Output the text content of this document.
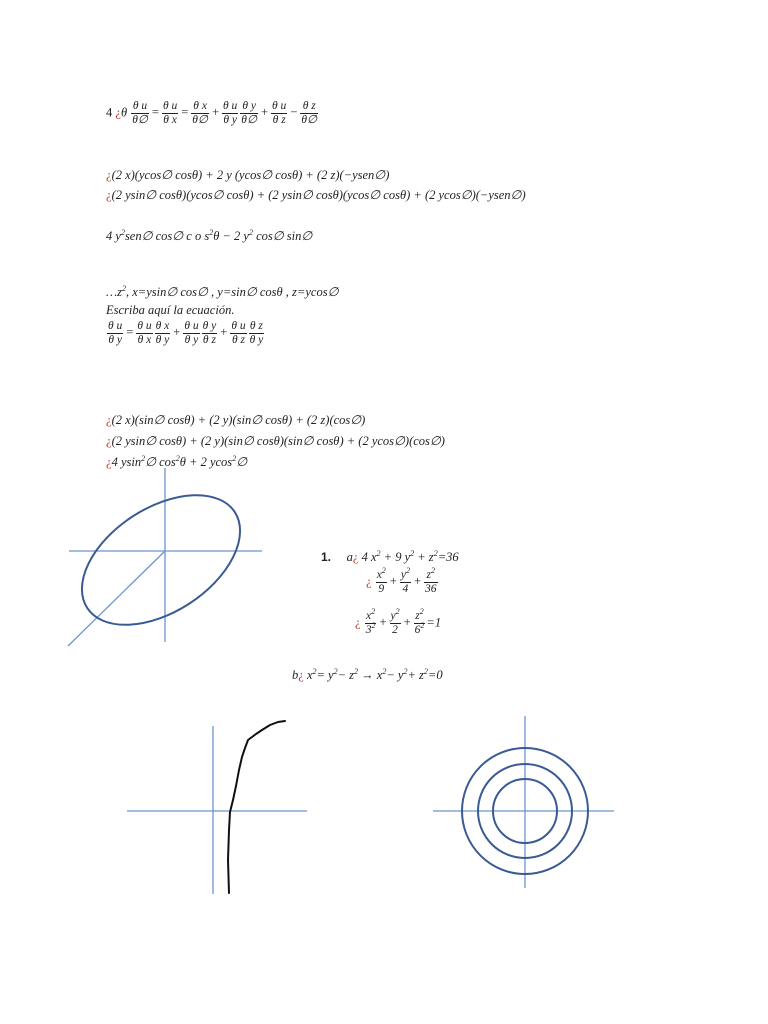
4 ¿$\theta \frac{\text{θ u}}{\theta\emptyset} = \frac{\text{θ u}}{\text{θ x}} = \frac{\text{θ x}}{\theta\emptyset} + \frac{\text{θ u}}{\text{θ y}} \frac{\text{θ y}}{\theta\emptyset} + \frac{\text{θ u}}{\text{θ z}} - \frac{\text{θ z}}{\theta\emptyset}$
¿(2 x)(ycos∅ cosθ) + 2 y (ycos∅ cosθ) + (2 z)(−ysen∅)
¿(2 ysin∅ cosθ)(ycos∅ cosθ) + (2 ysin∅ cosθ)(ycos∅ cosθ) + (2 ycos∅)(−ysen∅)
4 $y^2sen\emptyset$ cos∅ c o $s^2\theta - 2$ $y^2$ cos∅ sin∅
$\dots z^2$, x=ysin∅ cos∅ , y=sin∅ cosθ , z=ycos∅
Escriba aquí la ecuación.
$\frac{\text{θ u}}{\text{θ y}} = \frac{\text{θ u}}{\text{θ x}} \frac{\text{θ x}}{\text{θ y}} + \frac{\text{θ u}}{\text{θ y}} \frac{\text{θ y}}{\text{θ z}} + \frac{\text{θ u}}{\text{θ z}} \frac{\text{θ z}}{\text{θ y}}$
¿(2 x)(sin∅ cosθ) + (2 y)(sin∅ cosθ) + (2 z)(cos∅)
¿(2 ysin∅ cosθ) + (2 y)(sin∅ cosθ)(sin∅ cosθ) + (2 ycos∅)(cos∅)
¿4 ysin$^2$∅ $\cos^2\theta + 2$ ycos$^2$∅
1. a¿ 4 $x^2 + 9$ $y^2 + z^2=36$
¿ $\frac{x^2}{9} + \frac{y^2}{4} + \frac{z^2}{36}$
¿ $\frac{x^2}{3^2} + \frac{y^2}{2} + \frac{z^2}{6^2} =1$
b¿ $x^2= y^2- z^2 \to x^2- y^2+ z^2=0$
